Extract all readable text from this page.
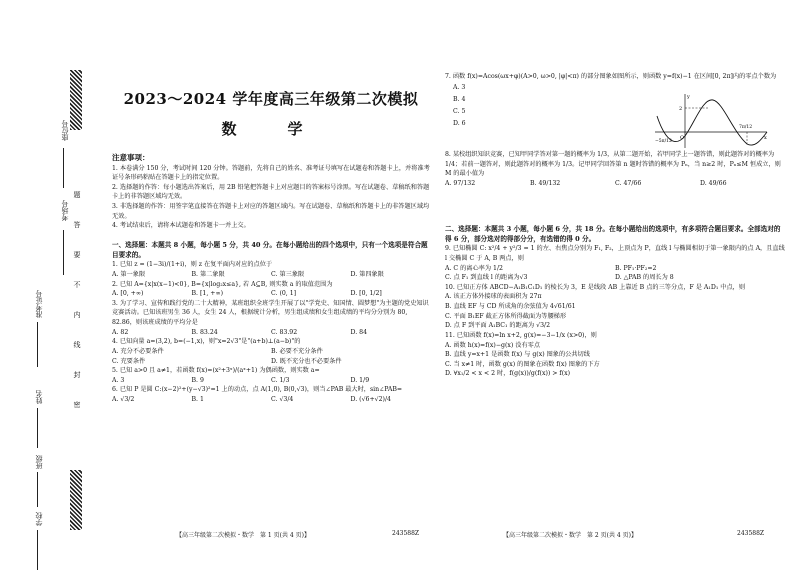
座位号
考场号
准考证号
姓名
班级
学校
题
答
要
不
内
线
封
密
2023～2024 学年度高三年级第二次模拟
数　学
注意事项：
1. 本卷满分 150 分，考试时间 120 分钟。答题前，先将自己的姓名、准考证号填写在试题卷和答题卡上，并将准考证号条形码粘贴在答题卡上的指定位置。
2. 选择题的作答：每小题选出答案后，用 2B 铅笔把答题卡上对应题目的答案标号涂黑。写在试题卷、草稿纸和答题卡上的非答题区域均无效。
3. 非选择题的作答：用签字笔直接答在答题卡上对应的答题区域内。写在试题卷、草稿纸和答题卡上的非答题区域均无效。
4. 考试结束后，请将本试题卷和答题卡一并上交。
一、选择题：本题共 8 小题，每小题 5 分，共 40 分。在每小题给出的四个选项中，只有一个选项是符合题目要求的。
1. 已知 z = (1−3i)/(1+i)，则 z 在复平面内对应的点位于
A. 第一象限	B. 第二象限	C. 第三象限	D. 第四象限
2. 已知 A={x|x(x−1)<0}, B={x|log₂x≤a}, 若 A⊆B, 则实数 a 的取值范围为
A. [0, +∞)	B. [1, +∞)	C. (0, 1]	D. [0, 1/2]
3. 为了学习、宣传和践行党的二十大精神，某班组织全班学生开展了以"学党史、知国情、圆梦想"为主题的党史知识竞赛活动。已知该班男生 36 人，女生 24 人，根据统计分析，男生组成绩和女生组成绩的平均分分别为 80, 82.86，则该班成绩的平均分是
A. 82	B. 83.24	C. 83.92	D. 84
4. 已知向量 a=(3,2), b=(−1,x)，则"x=2√3"是"(a+b)⊥(a−b)"的
A. 充分不必要条件	B. 必要不充分条件
C. 充要条件	D. 既不充分也不必要条件
5. 已知 a>0 且 a≠1，若函数 f(x)=(x²+3ˣ)/(aˣ+1) 为偶函数，则实数 a=
A. 3	B. 9	C. 1/3	D. 1/9
6. 已知 P 是圆 C:(x−2)²+(y−√3)²=1 上的动点，点 A(1,0), B(0,√3)，则当∠PAB 最大时，sin∠PAB=
A. √3/2	B. 1	C. √3/4	D. (√6+√2)/4
【高三年级第二次模拟・数学　第 1 页(共 4 页)】	243588Z
7. 函数 f(x)=Acos(ωx+φ)(A>0, ω>0, |φ|<π) 的部分图象如图所示，则函数 y=f(x)−1 在区间[0, 2π]内的零点个数为
A. 3
B. 4
C. 5
D. 6
y
x
O
2
−5π/12
7π/12
8. 某校组织知识竞赛，已知甲同学答对第一题的概率为 1/3，从第二题开始，若甲同学上一题答错，则此题答对的概率为 1/4；若前一题答对，则此题答对的概率为 1/3。记甲同学回答第 n 题时答错的概率为 Pₙ，当 n≥2 时，Pₙ≤M 恒成立，则 M 的最小值为
A. 97/132	B. 49/132	C. 47/66	D. 49/66
二、选择题：本题共 3 小题，每小题 6 分，共 18 分。在每小题给出的选项中，有多项符合题目要求。全部选对的得 6 分，部分选对的得部分分，有选错的得 0 分。
9. 已知椭圆 C: x²/4 + y²/3 = 1 的左、右焦点分别为 F₁, F₂，上顶点为 P，直线 l 与椭圆相切于第一象限内的点 A，且直线 l 交椭圆 C 于 A, B 两点，则
A. C 的离心率为 1/2	B. PF₁·PF₂=2
C. 点 F₁ 到直线 l 的距离为√3	D. △PAB 的周长为 8
10. 已知正方体 ABCD−A₁B₁C₁D₁ 的棱长为 3，E 是线段 AB 上靠近 B 点的三等分点，F 是 A₁D₁ 中点，则
A. 该正方体外接球的表面积为 27π
B. 直线 EF 与 CD 所成角的余弦值为 4√61/61
C. 平面 B₁EF 截正方体所得截面为等腰梯形
D. 点 F 到平面 A₁BC₁ 的距离为 √3/2
11. 已知函数 f(x)=ln x+2, g(x)=−3−1/x (x>0)，则
A. 函数 h(x)=f(x)−g(x) 没有零点
B. 直线 y=x+1 是函数 f(x) 与 g(x) 图象的公共切线
C. 当 x≠1 时，函数 g(x) 的图象在函数 f(x) 图象的下方
D. ∀x₁/2 < x < 2 时，f(g(x))/g(f(x)) > f(x)
【高三年级第二次模拟・数学　第 2 页(共 4 页)】	243588Z
